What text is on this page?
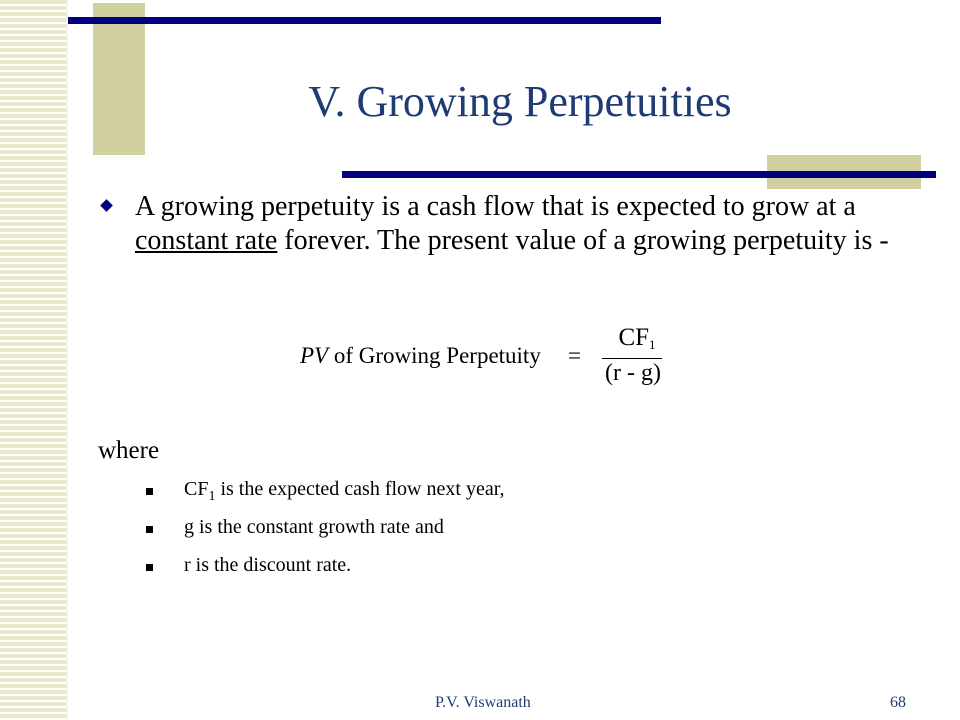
V. Growing Perpetuities
A growing perpetuity is a cash flow that is expected to grow at a constant rate forever. The present value of a growing perpetuity is -
PV of Growing Perpetuity =
$CF_1$
(r - g)
where
$CF_1$ is the expected cash flow next year,
g is the constant growth rate and
r is the discount rate.
P.V. Viswanath	68
